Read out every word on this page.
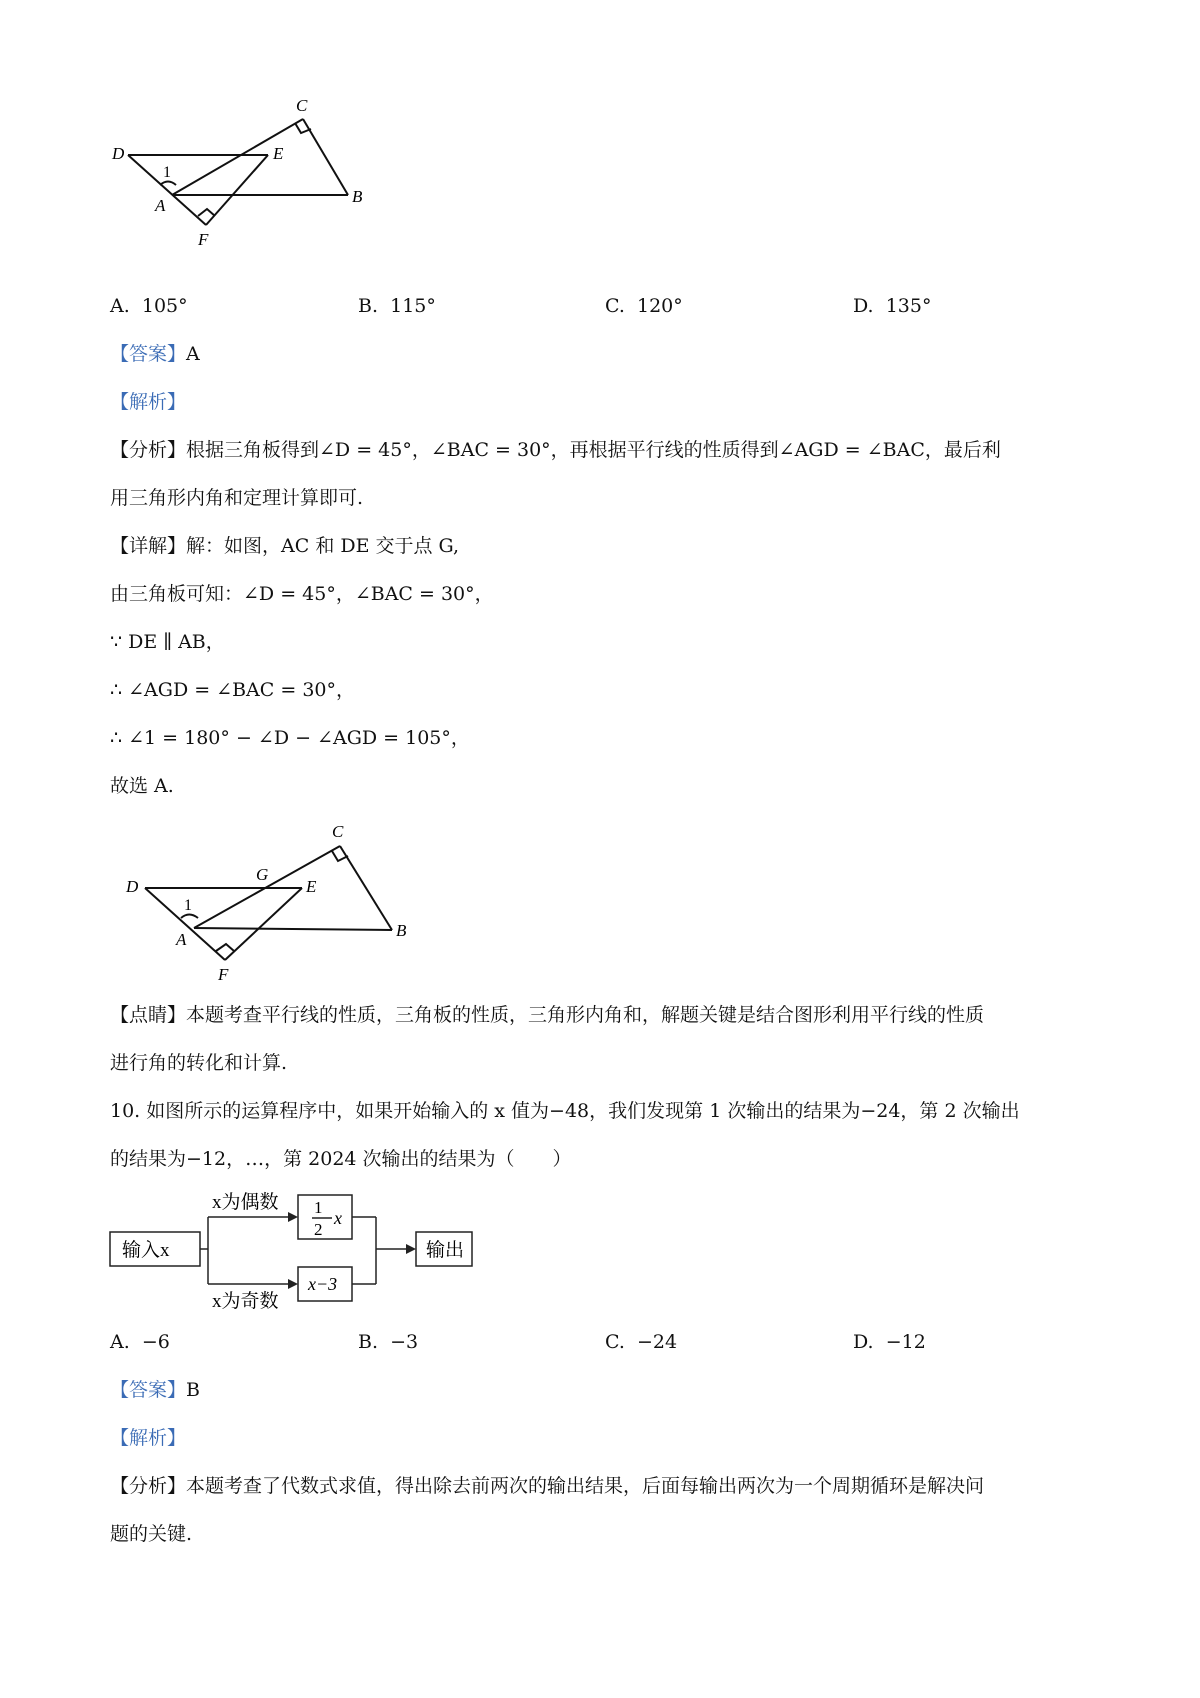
C
D	E
1
A	B
F
A. 105°	B. 115°	C. 120°	D. 135°
【答案】A
【解析】
【分析】根据三角板得到∠D = 45°，∠BAC = 30°，再根据平行线的性质得到∠AGD = ∠BAC，最后利
用三角形内角和定理计算即可.
【详解】解：如图，AC 和 DE 交于点 G,
由三角板可知：∠D = 45°，∠BAC = 30°，
∵ DE ∥ AB，
∴ ∠AGD = ∠BAC = 30°，
∴ ∠1 = 180° − ∠D − ∠AGD = 105°，
故选 A.
C
D
G
E
1
A	B
F
【点睛】本题考查平行线的性质，三角板的性质，三角形内角和，解题关键是结合图形利用平行线的性质
进行角的转化和计算.
10. 如图所示的运算程序中，如果开始输入的 x 值为−48，我们发现第 1 次输出的结果为−24，第 2 次输出
的结果为−12，…，第 2024 次输出的结果为（　　）
输入x
x为偶数
x为奇数
1
2
x
x−3
输出
A. −6	B. −3	C. −24	D. −12
【答案】B
【解析】
【分析】本题考查了代数式求值，得出除去前两次的输出结果，后面每输出两次为一个周期循环是解决问
题的关键.
